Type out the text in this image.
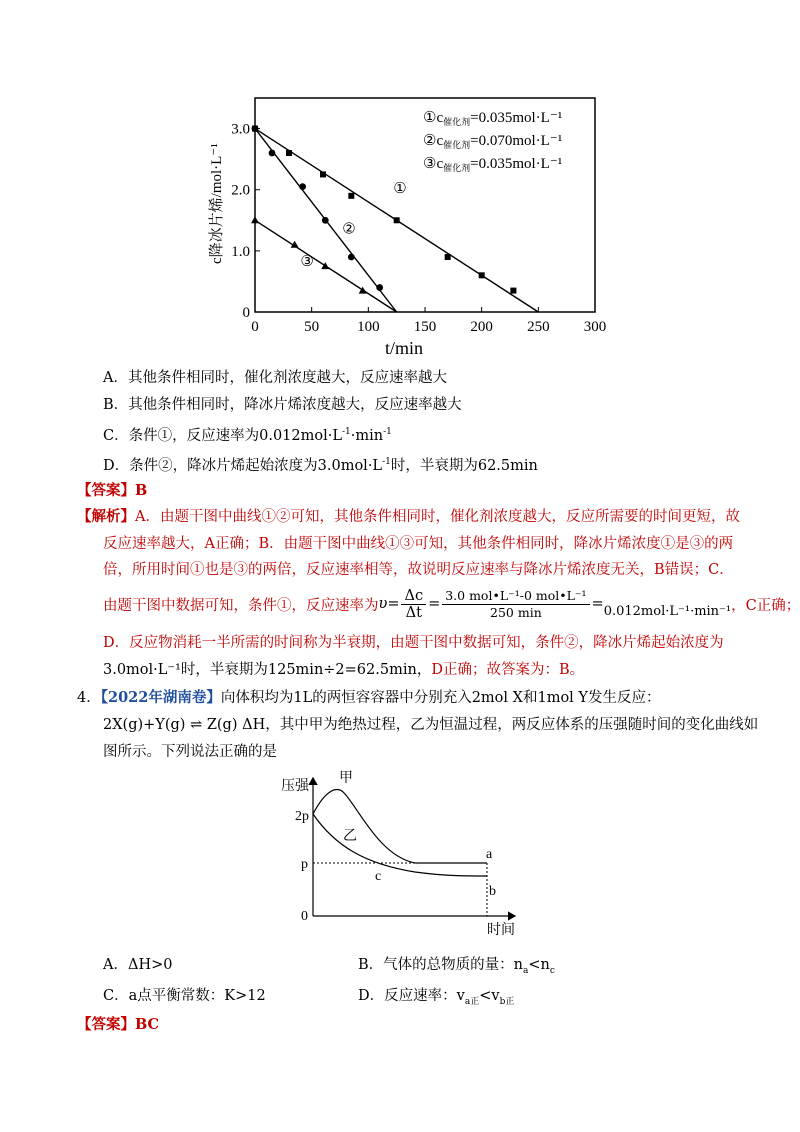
0	50	100 150 200 250 300
0
1.0
2.0
3.0
t/min
c降冰片烯/mol·L⁻¹	①
②
③
$①c_{催化剂}=0.035mol\cdot L^{-1}$
$②c_{催化剂}=0.070mol\cdot L^{-1}$
$③c_{催化剂}=0.035mol\cdot L^{-1}$
A．其他条件相同时，催化剂浓度越大，反应速率越大
B．其他条件相同时，降冰片烯浓度越大，反应速率越大
C．条件①，反应速率为$0.012mol\cdot L^{-1}\cdot\min^{-1}$
D．条件②，降冰片烯起始浓度为$3.0mol\cdot L^{-1}$时，半衰期为62.5min
【答案】B
【解析】A．由题干图中曲线①②可知，其他条件相同时，催化剂浓度越大，反应所需要的时间更短，故
反应速率越大，A正确；B．由题干图中曲线①③可知，其他条件相同时，降冰片烯浓度①是③的两
倍，所用时间①也是③的两倍，反应速率相等，故说明反应速率与降冰片烯浓度无关，B错误；C．
由题干图中数据可知，条件①，反应速率为 $\upsilon= \frac{\Delta c}{\Delta t} = \frac{\text{3.0 mol•L⁻¹-0 mol•L⁻¹}}{250 \min} = 0.012mol\cdot L^{-1}\cdot\min^{-1}$ ，C正确；
D．反应物消耗一半所需的时间称为半衰期，由题干图中数据可知，条件②，降冰片烯起始浓度为
3.0mol·L⁻¹时，半衰期为125min÷2=62.5min，D正确；故答案为：B。
4．【2022年湖南卷】向体积均为1L的两恒容容器中分别充入2mol X和1mol Y发生反应：
2X(g)+Y(g) ⇌ Z(g) ΔH，其中甲为绝热过程，乙为恒温过程，两反应体系的压强随时间的变化曲线如
图所示。下列说法正确的是
压强
时间
2p
p
0
甲
乙
a
b
c
A．ΔH>0	B．气体的总物质的量：$n_a<n_c$
C．a点平衡常数：K>12	D．反应速率：$v_{a正}<v_{b正}$
【答案】BC
